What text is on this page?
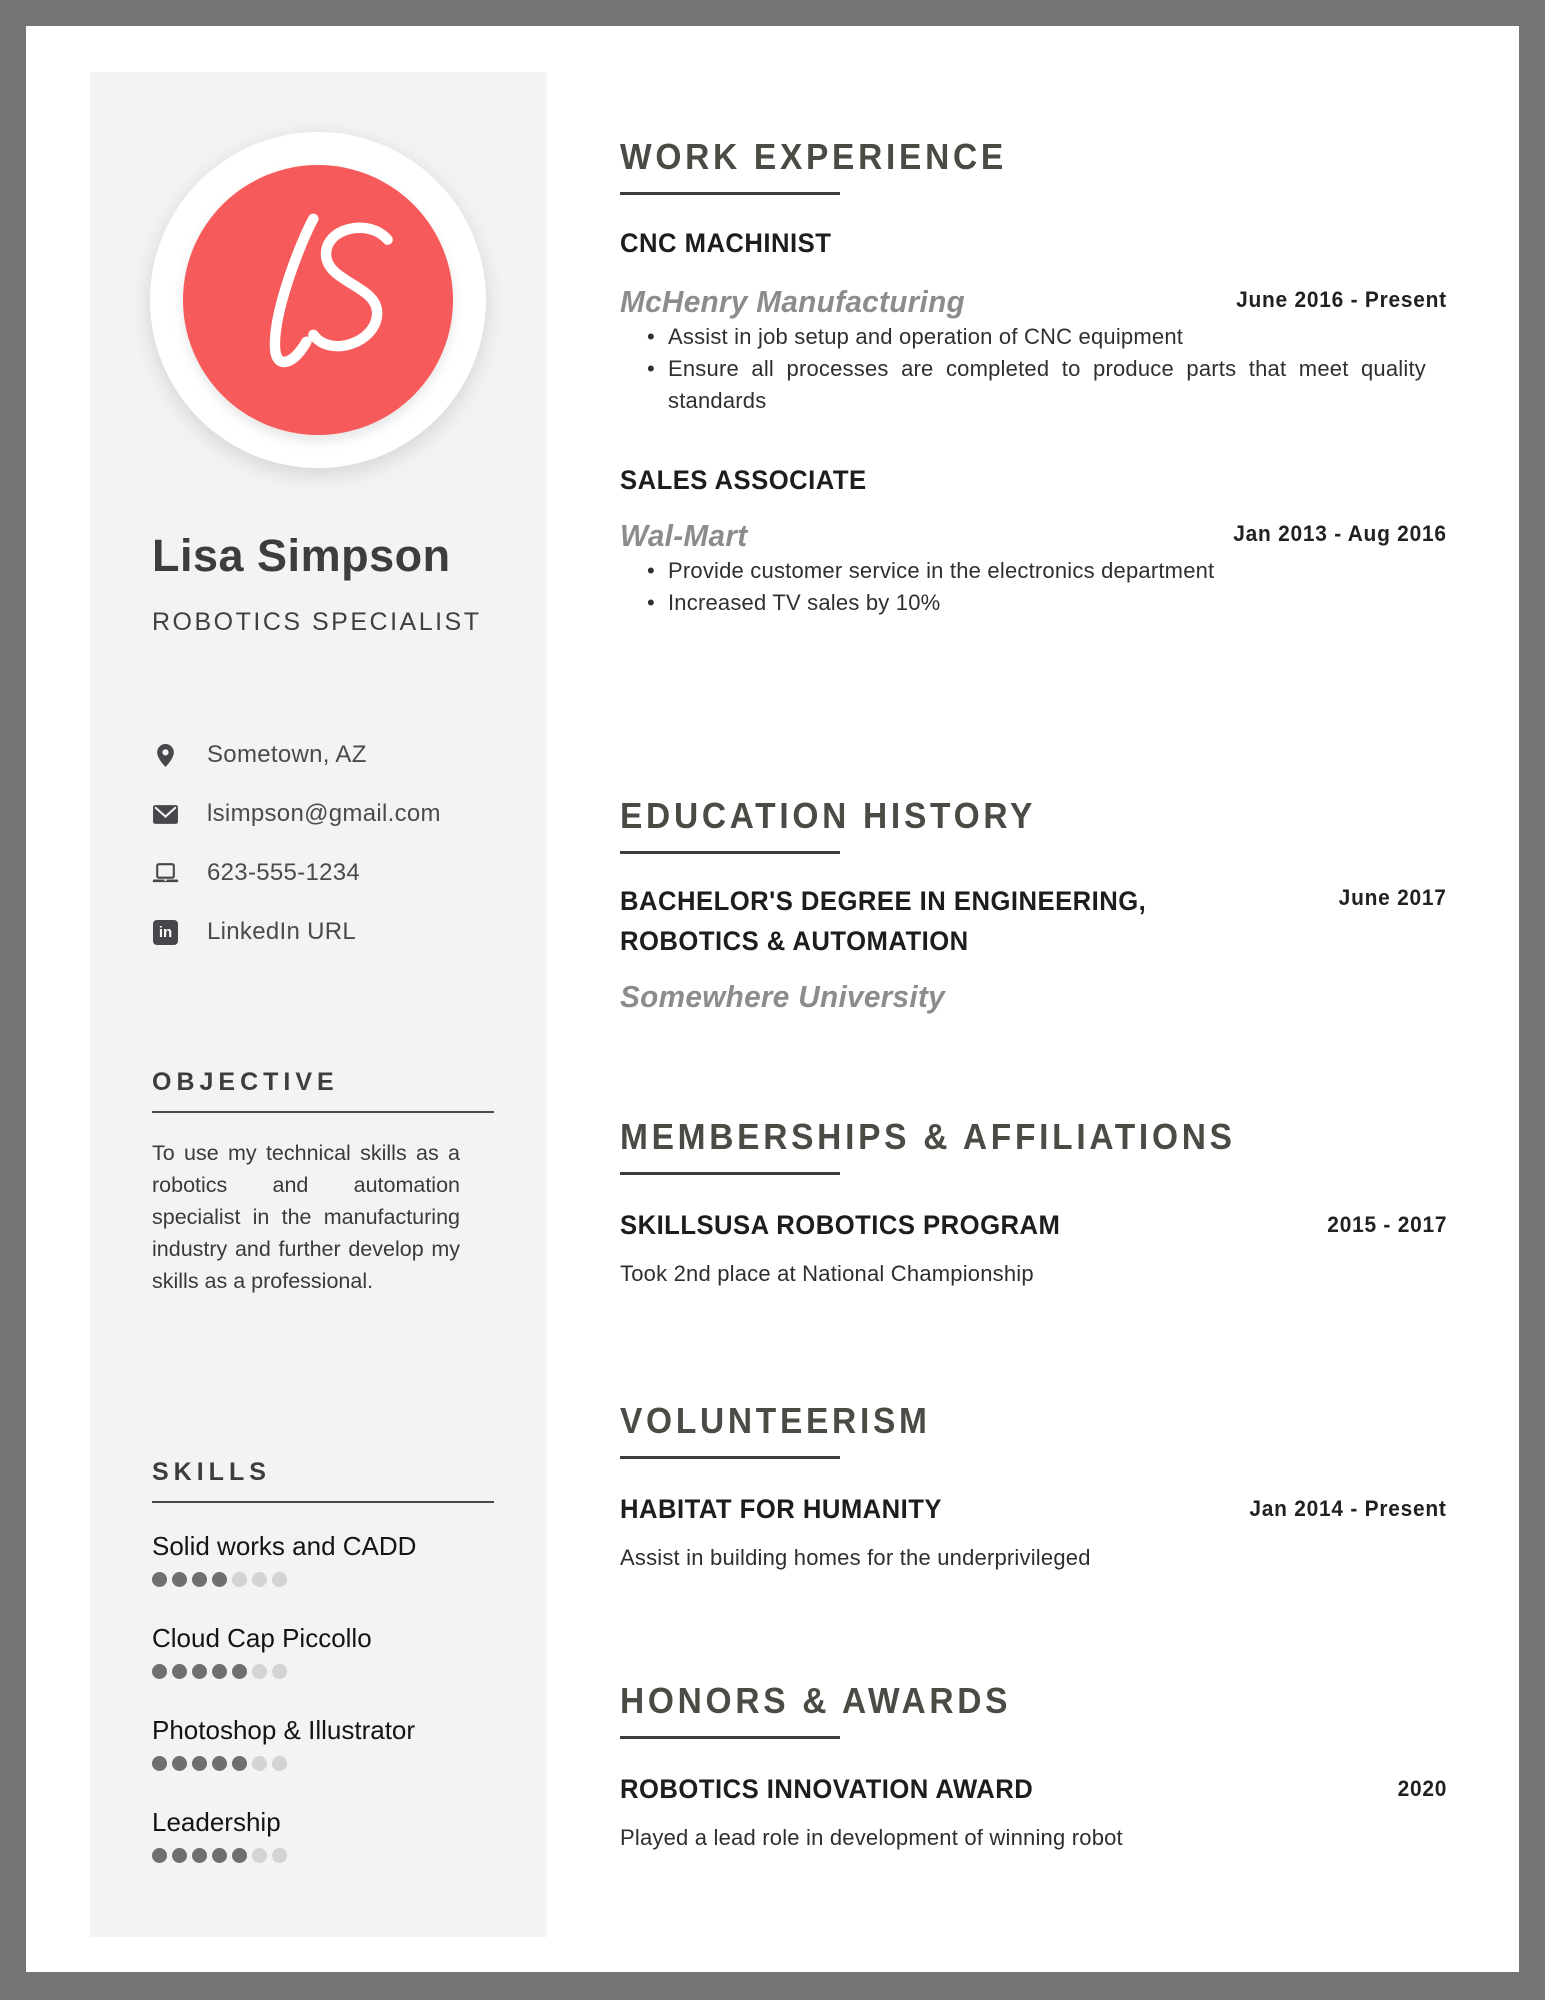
Lisa Simpson
ROBOTICS SPECIALIST
Sometown, AZ
lsimpson@gmail.com
623-555-1234
in LinkedIn URL
OBJECTIVE
To use my technical skills as a robotics and automation specialist in the manufacturing industry and further develop my skills as a professional.
SKILLS
Solid works and CADD
Cloud Cap Piccollo
Photoshop & Illustrator
Leadership
WORK EXPERIENCE
CNC MACHINIST
McHenry Manufacturing	June 2016 - Present
• Assist in job setup and operation of CNC equipment
• Ensure all processes are completed to produce parts that meet quality standards
SALES ASSOCIATE
Wal-Mart	Jan 2013 - Aug 2016
• Provide customer service in the electronics department
• Increased TV sales by 10%
EDUCATION HISTORY
BACHELOR'S DEGREE IN ENGINEERING, ROBOTICS & AUTOMATION
June 2017
Somewhere University
MEMBERSHIPS & AFFILIATIONS
SKILLSUSA ROBOTICS PROGRAM	2015 - 2017
Took 2nd place at National Championship
VOLUNTEERISM
HABITAT FOR HUMANITY	Jan 2014 - Present
Assist in building homes for the underprivileged
HONORS & AWARDS
ROBOTICS INNOVATION AWARD	2020
Played a lead role in development of winning robot
